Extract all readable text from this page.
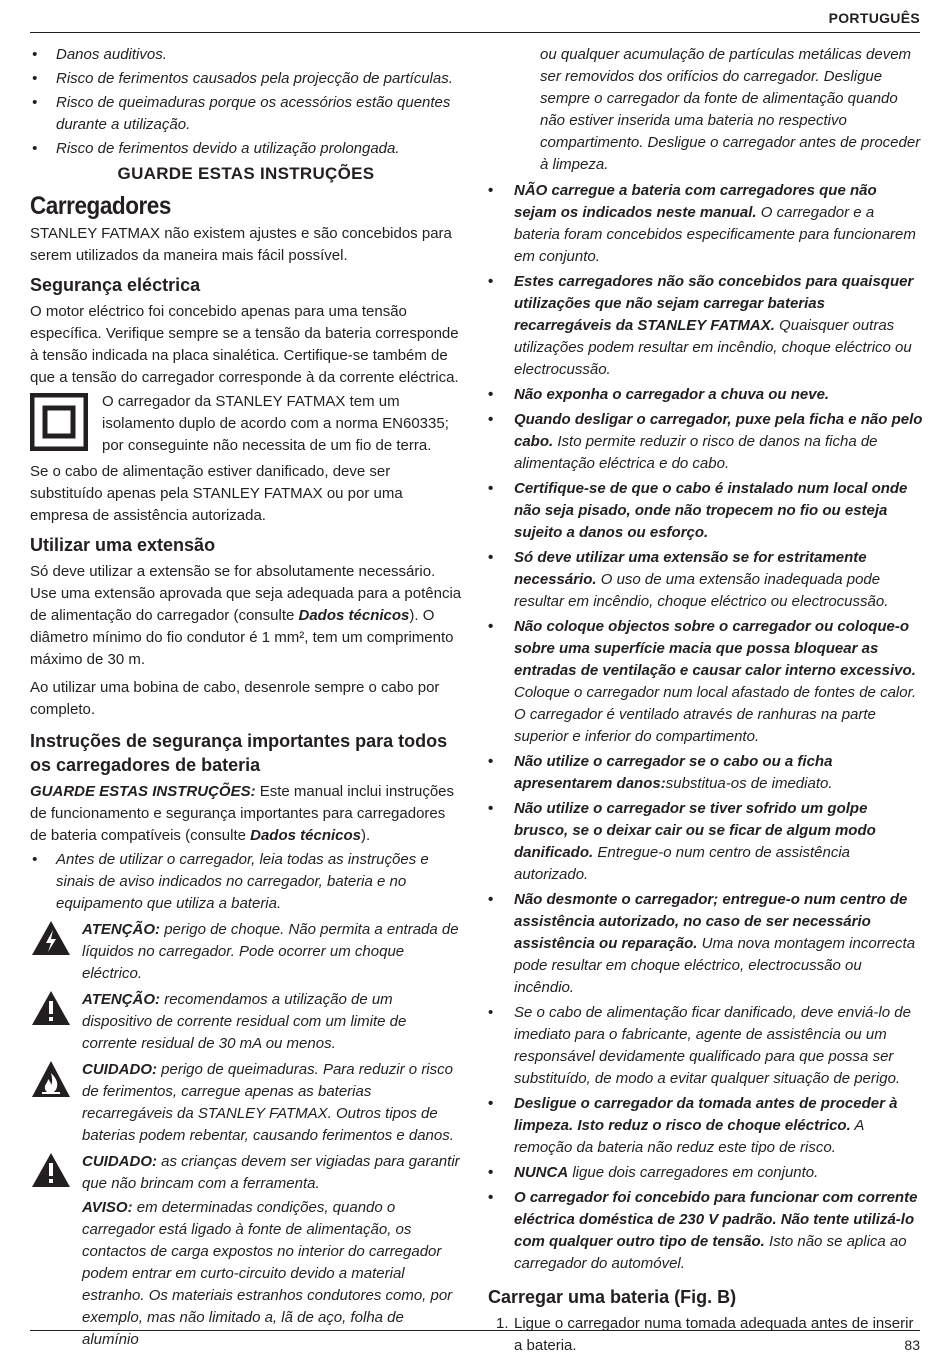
PORTUGUÊS
• Danos auditivos.
• Risco de ferimentos causados pela projecção de partículas.
• Risco de queimaduras porque os acessórios estão quentes durante a utilização.
• Risco de ferimentos devido a utilização prolongada.
GUARDE ESTAS INSTRUÇÕES
Carregadores

STANLEY FATMAX não existem ajustes e são concebidos para serem utilizados da maneira mais fácil possível.

Segurança eléctrica

O motor eléctrico foi concebido apenas para uma tensão específica. Verifique sempre se a tensão da bateria corresponde à tensão indicada na placa sinalética. Certifique-se também de que a tensão do carregador corresponde à da corrente eléctrica.

O carregador da STANLEY FATMAX tem um isolamento duplo de acordo com a norma EN60335; por conseguinte não necessita de um fio de terra.

Se o cabo de alimentação estiver danificado, deve ser substituído apenas pela STANLEY FATMAX ou por uma empresa de assistência autorizada.

Utilizar uma extensão

Só deve utilizar a extensão se for absolutamente necessário. Use uma extensão aprovada que seja adequada para a potência de alimentação do carregador (consulte Dados técnicos). O diâmetro mínimo do fio condutor é 1 mm², tem um comprimento máximo de 30 m.

Ao utilizar uma bobina de cabo, desenrole sempre o cabo por completo.

Instruções de segurança importantes para todos os carregadores de bateria

GUARDE ESTAS INSTRUÇÕES: Este manual inclui instruções de funcionamento e segurança importantes para carregadores de bateria compatíveis (consulte Dados técnicos).

• Antes de utilizar o carregador, leia todas as instruções e sinais de aviso indicados no carregador, bateria e no equipamento que utiliza a bateria.
ATENÇÃO: perigo de choque. Não permita a entrada de líquidos no carregador. Pode ocorrer um choque eléctrico.
ATENÇÃO: recomendamos a utilização de um dispositivo de corrente residual com um limite de corrente residual de 30 mA ou menos.
CUIDADO: perigo de queimaduras. Para reduzir o risco de ferimentos, carregue apenas as baterias recarregáveis da STANLEY FATMAX. Outros tipos de baterias podem rebentar, causando ferimentos e danos.
CUIDADO: as crianças devem ser vigiadas para garantir que não brincam com a ferramenta.
AVISO: em determinadas condições, quando o carregador está ligado à fonte de alimentação, os contactos de carga expostos no interior do carregador podem entrar em curto-circuito devido a material estranho. Os materiais estranhos condutores como, por exemplo, mas não limitado a, lã de aço, folha de alumínio
ou qualquer acumulação de partículas metálicas devem ser removidos dos orifícios do carregador. Desligue sempre o carregador da fonte de alimentação quando não estiver inserida uma bateria no respectivo compartimento. Desligue o carregador antes de proceder à limpeza.
• NÃO carregue a bateria com carregadores que não sejam os indicados neste manual. O carregador e a bateria foram concebidos especificamente para funcionarem em conjunto.
• Estes carregadores não são concebidos para quaisquer utilizações que não sejam carregar baterias recarregáveis da STANLEY FATMAX. Quaisquer outras utilizações podem resultar em incêndio, choque eléctrico ou electrocussão.
• Não exponha o carregador a chuva ou neve.
• Quando desligar o carregador, puxe pela ficha e não pelo cabo. Isto permite reduzir o risco de danos na ficha de alimentação eléctrica e do cabo.
• Certifique-se de que o cabo é instalado num local onde não seja pisado, onde não tropecem no fio ou esteja sujeito a danos ou esforço.
• Só deve utilizar uma extensão se for estritamente necessário. O uso de uma extensão inadequada pode resultar em incêndio, choque eléctrico ou electrocussão.
• Não coloque objectos sobre o carregador ou coloque-o sobre uma superfície macia que possa bloquear as entradas de ventilação e causar calor interno excessivo. Coloque o carregador num local afastado de fontes de calor. O carregador é ventilado através de ranhuras na parte superior e inferior do compartimento.
• Não utilize o carregador se o cabo ou a ficha apresentarem danos:substitua-os de imediato.
• Não utilize o carregador se tiver sofrido um golpe brusco, se o deixar cair ou se ficar de algum modo danificado. Entregue-o num centro de assistência autorizado.
• Não desmonte o carregador; entregue-o num centro de assistência autorizado, no caso de ser necessário assistência ou reparação. Uma nova montagem incorrecta pode resultar em choque eléctrico, electrocussão ou incêndio.
• Se o cabo de alimentação ficar danificado, deve enviá-lo de imediato para o fabricante, agente de assistência ou um responsável devidamente qualificado para que possa ser substituído, de modo a evitar qualquer situação de perigo.
• Desligue o carregador da tomada antes de proceder à limpeza. Isto reduz o risco de choque eléctrico. A remoção da bateria não reduz este tipo de risco.
• NUNCA ligue dois carregadores em conjunto.
• O carregador foi concebido para funcionar com corrente eléctrica doméstica de 230 V padrão. Não tente utilizá-lo com qualquer outro tipo de tensão. Isto não se aplica ao carregador do automóvel.
Carregar uma bateria (Fig. B)
1. Ligue o carregador numa tomada adequada antes de inserir a bateria.	83
